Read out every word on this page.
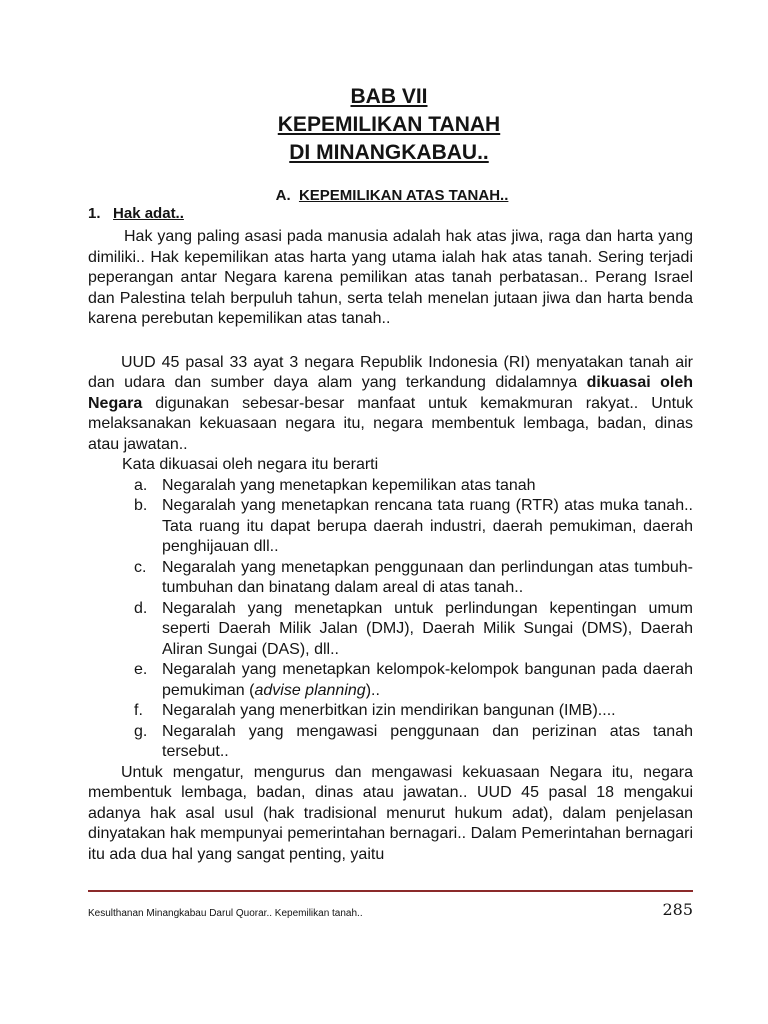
BAB VII
KEPEMILIKAN TANAH
DI MINANGKABAU..
A. KEPEMILIKAN ATAS TANAH..
1. Hak adat..

Hak yang paling asasi pada manusia adalah hak atas jiwa, raga dan harta yang dimiliki.. Hak kepemilikan atas harta yang utama ialah hak atas tanah. Sering terjadi peperangan antar Negara karena pemilikan atas tanah perbatasan.. Perang Israel dan Palestina telah berpuluh tahun, serta telah menelan jutaan jiwa dan harta benda karena perebutan kepemilikan atas tanah..

UUD 45 pasal 33 ayat 3 negara Republik Indonesia (RI) menyatakan tanah air dan udara dan sumber daya alam yang terkandung didalamnya dikuasai oleh Negara digunakan sebesar-besar manfaat untuk kemakmuran rakyat.. Untuk melaksanakan kekuasaan negara itu, negara membentuk lembaga, badan, dinas atau jawatan..

Kata dikuasai oleh negara itu berarti

a. Negaralah yang menetapkan kepemilikan atas tanah
b. Negaralah yang menetapkan rencana tata ruang (RTR) atas muka tanah.. Tata ruang itu dapat berupa daerah industri, daerah pemukiman, daerah penghijauan dll..
c. Negaralah yang menetapkan penggunaan dan perlindungan atas tumbuh-tumbuhan dan binatang dalam areal di atas tanah..
d. Negaralah yang menetapkan untuk perlindungan kepentingan umum seperti Daerah Milik Jalan (DMJ), Daerah Milik Sungai (DMS), Daerah Aliran Sungai (DAS), dll..
e. Negaralah yang menetapkan kelompok-kelompok bangunan pada daerah pemukiman (advise planning)..
f.	Negaralah yang menerbitkan izin mendirikan bangunan (IMB)....
g. Negaralah yang mengawasi penggunaan dan perizinan atas tanah tersebut..

Untuk mengatur, mengurus dan mengawasi kekuasaan Negara itu, negara membentuk lembaga, badan, dinas atau jawatan.. UUD 45 pasal 18 mengakui adanya hak asal usul (hak tradisional menurut hukum adat), dalam penjelasan dinyatakan hak mempunyai pemerintahan bernagari.. Dalam Pemerintahan bernagari itu ada dua hal yang sangat penting, yaitu

Kesulthanan Minangkabau Darul Quorar.. Kepemilikan tanah..	285
